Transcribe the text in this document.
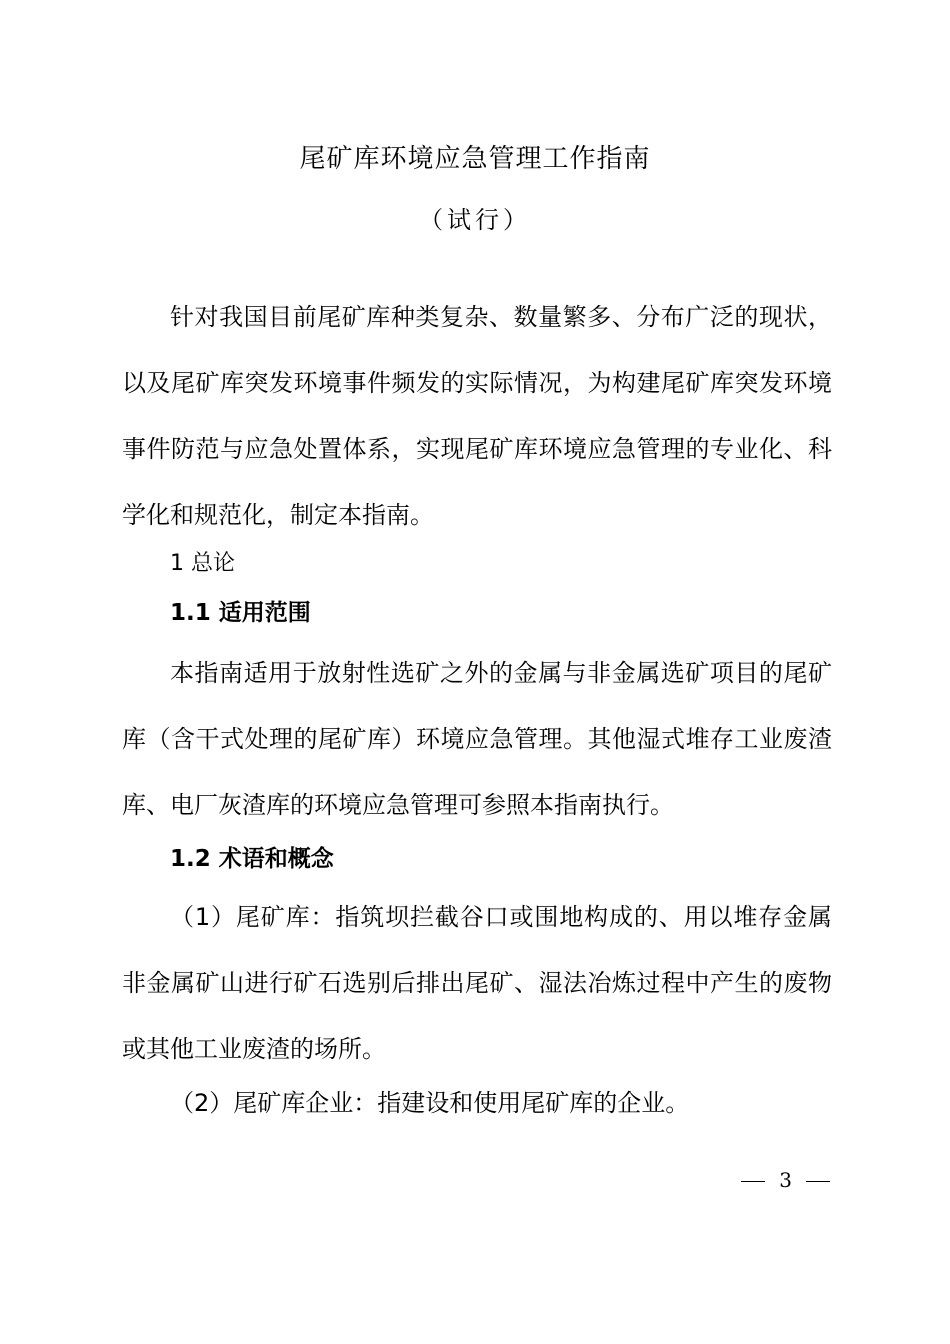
尾矿库环境应急管理工作指南
（试行）

针对我国目前尾矿库种类复杂、数量繁多、分布广泛的现状，以及尾矿库突发环境事件频发的实际情况，为构建尾矿库突发环境事件防范与应急处置体系，实现尾矿库环境应急管理的专业化、科学化和规范化，制定本指南。

1 总论
1.1 适用范围

本指南适用于放射性选矿之外的金属与非金属选矿项目的尾矿库（含干式处理的尾矿库）环境应急管理。其他湿式堆存工业废渣库、电厂灰渣库的环境应急管理可参照本指南执行。

1.2 术语和概念

（1）尾矿库：指筑坝拦截谷口或围地构成的、用以堆存金属非金属矿山进行矿石选别后排出尾矿、湿法冶炼过程中产生的废物或其他工业废渣的场所。

（2）尾矿库企业：指建设和使用尾矿库的企业。

3
